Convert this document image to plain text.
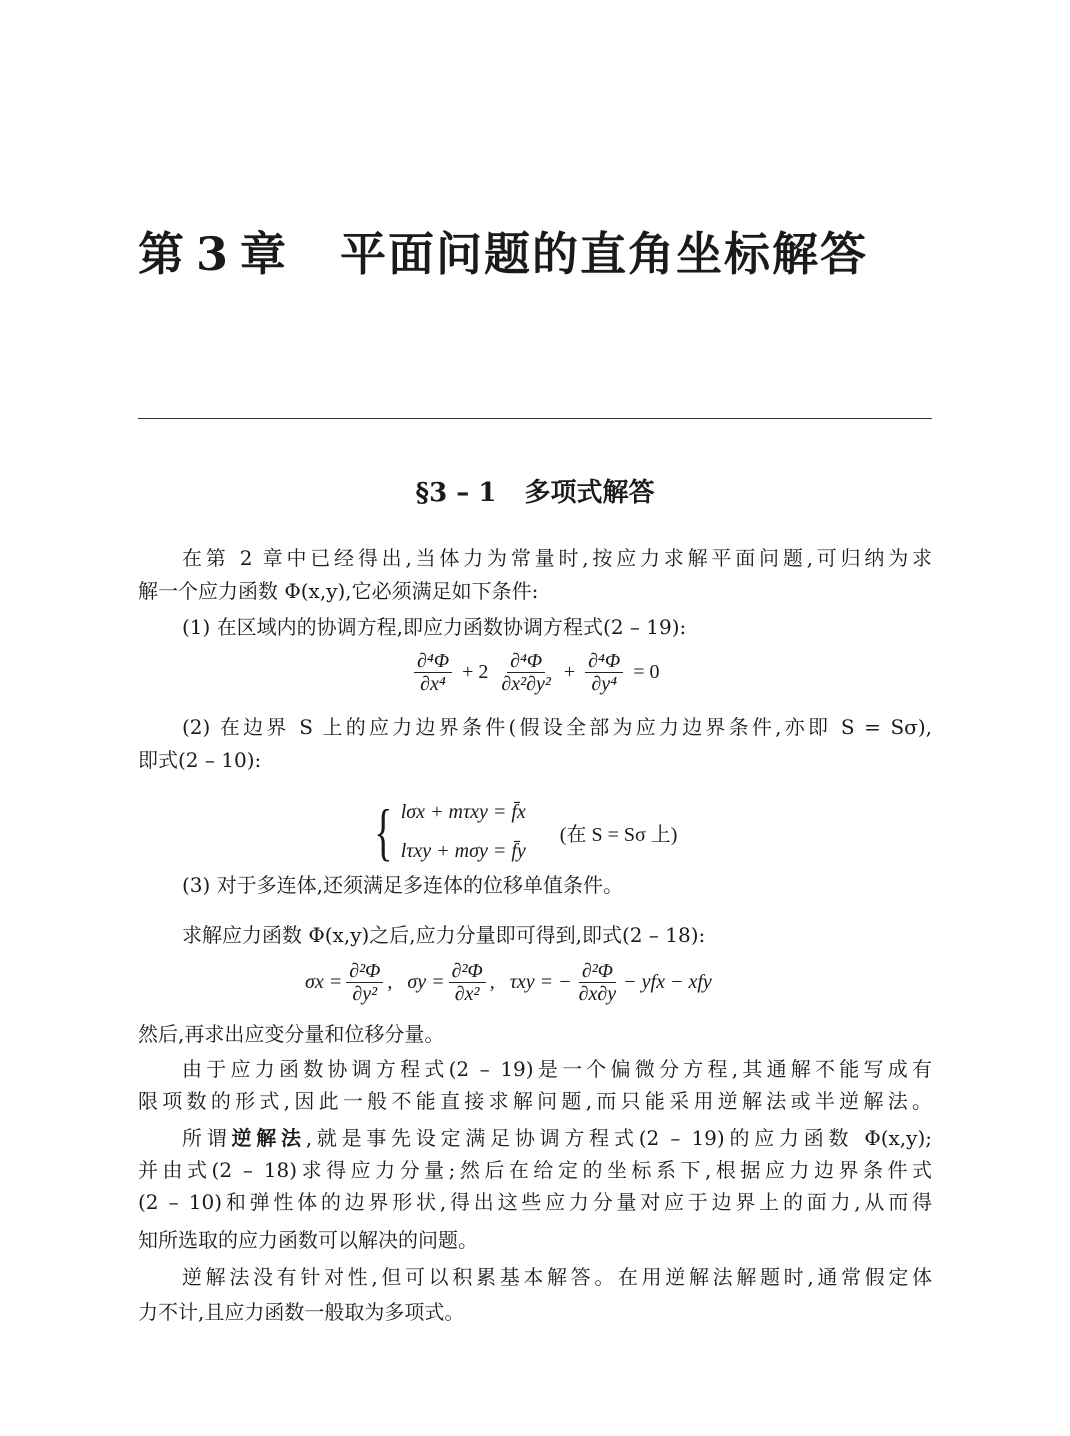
第 3 章 平面问题的直角坐标解答
§3 – 1 多项式解答
在第 2 章中已经得出,当体力为常量时,按应力求解平面问题,可归纳为求
解一个应力函数 Φ(x,y),它必须满足如下条件:
(1) 在区域内的协调方程,即应力函数协调方程式(2 – 19):
$\frac{\text{∂⁴Φ}}{\text{∂x⁴}} + 2 \frac{\text{∂⁴Φ}}{\text{∂x²∂y²}} + \frac{\text{∂⁴Φ}}{\text{∂y⁴}} = 0$
(2) 在边界 S 上的应力边界条件(假设全部为应力边界条件,亦即 S = Sσ),
即式(2 – 10):
{ lσx + mτxy = f̄x
lτxy + mσy = f̄y
(在 S = Sσ 上)
(3) 对于多连体,还须满足多连体的位移单值条件。
求解应力函数 Φ(x,y)之后,应力分量即可得到,即式(2 – 18):
$\sigma x = \frac{\text{∂²Φ}}{\text{∂y²}}$ ,   $\sigma y = \frac{\text{∂²Φ}}{\text{∂x²}}$ ,   τxy = − $\frac{\text{∂²Φ}}{\partial x\partial y}$ − yfx − xfy
然后,再求出应变分量和位移分量。
由于应力函数协调方程式(2 – 19)是一个偏微分方程,其通解不能写成有
限项数的形式,因此一般不能直接求解问题,而只能采用逆解法或半逆解法。
所谓逆解法,就是事先设定满足协调方程式(2 – 19)的应力函数 Φ(x,y);
并由式(2 – 18)求得应力分量;然后在给定的坐标系下,根据应力边界条件式
(2 – 10)和弹性体的边界形状,得出这些应力分量对应于边界上的面力,从而得
知所选取的应力函数可以解决的问题。
逆解法没有针对性,但可以积累基本解答。在用逆解法解题时,通常假定体
力不计,且应力函数一般取为多项式。
